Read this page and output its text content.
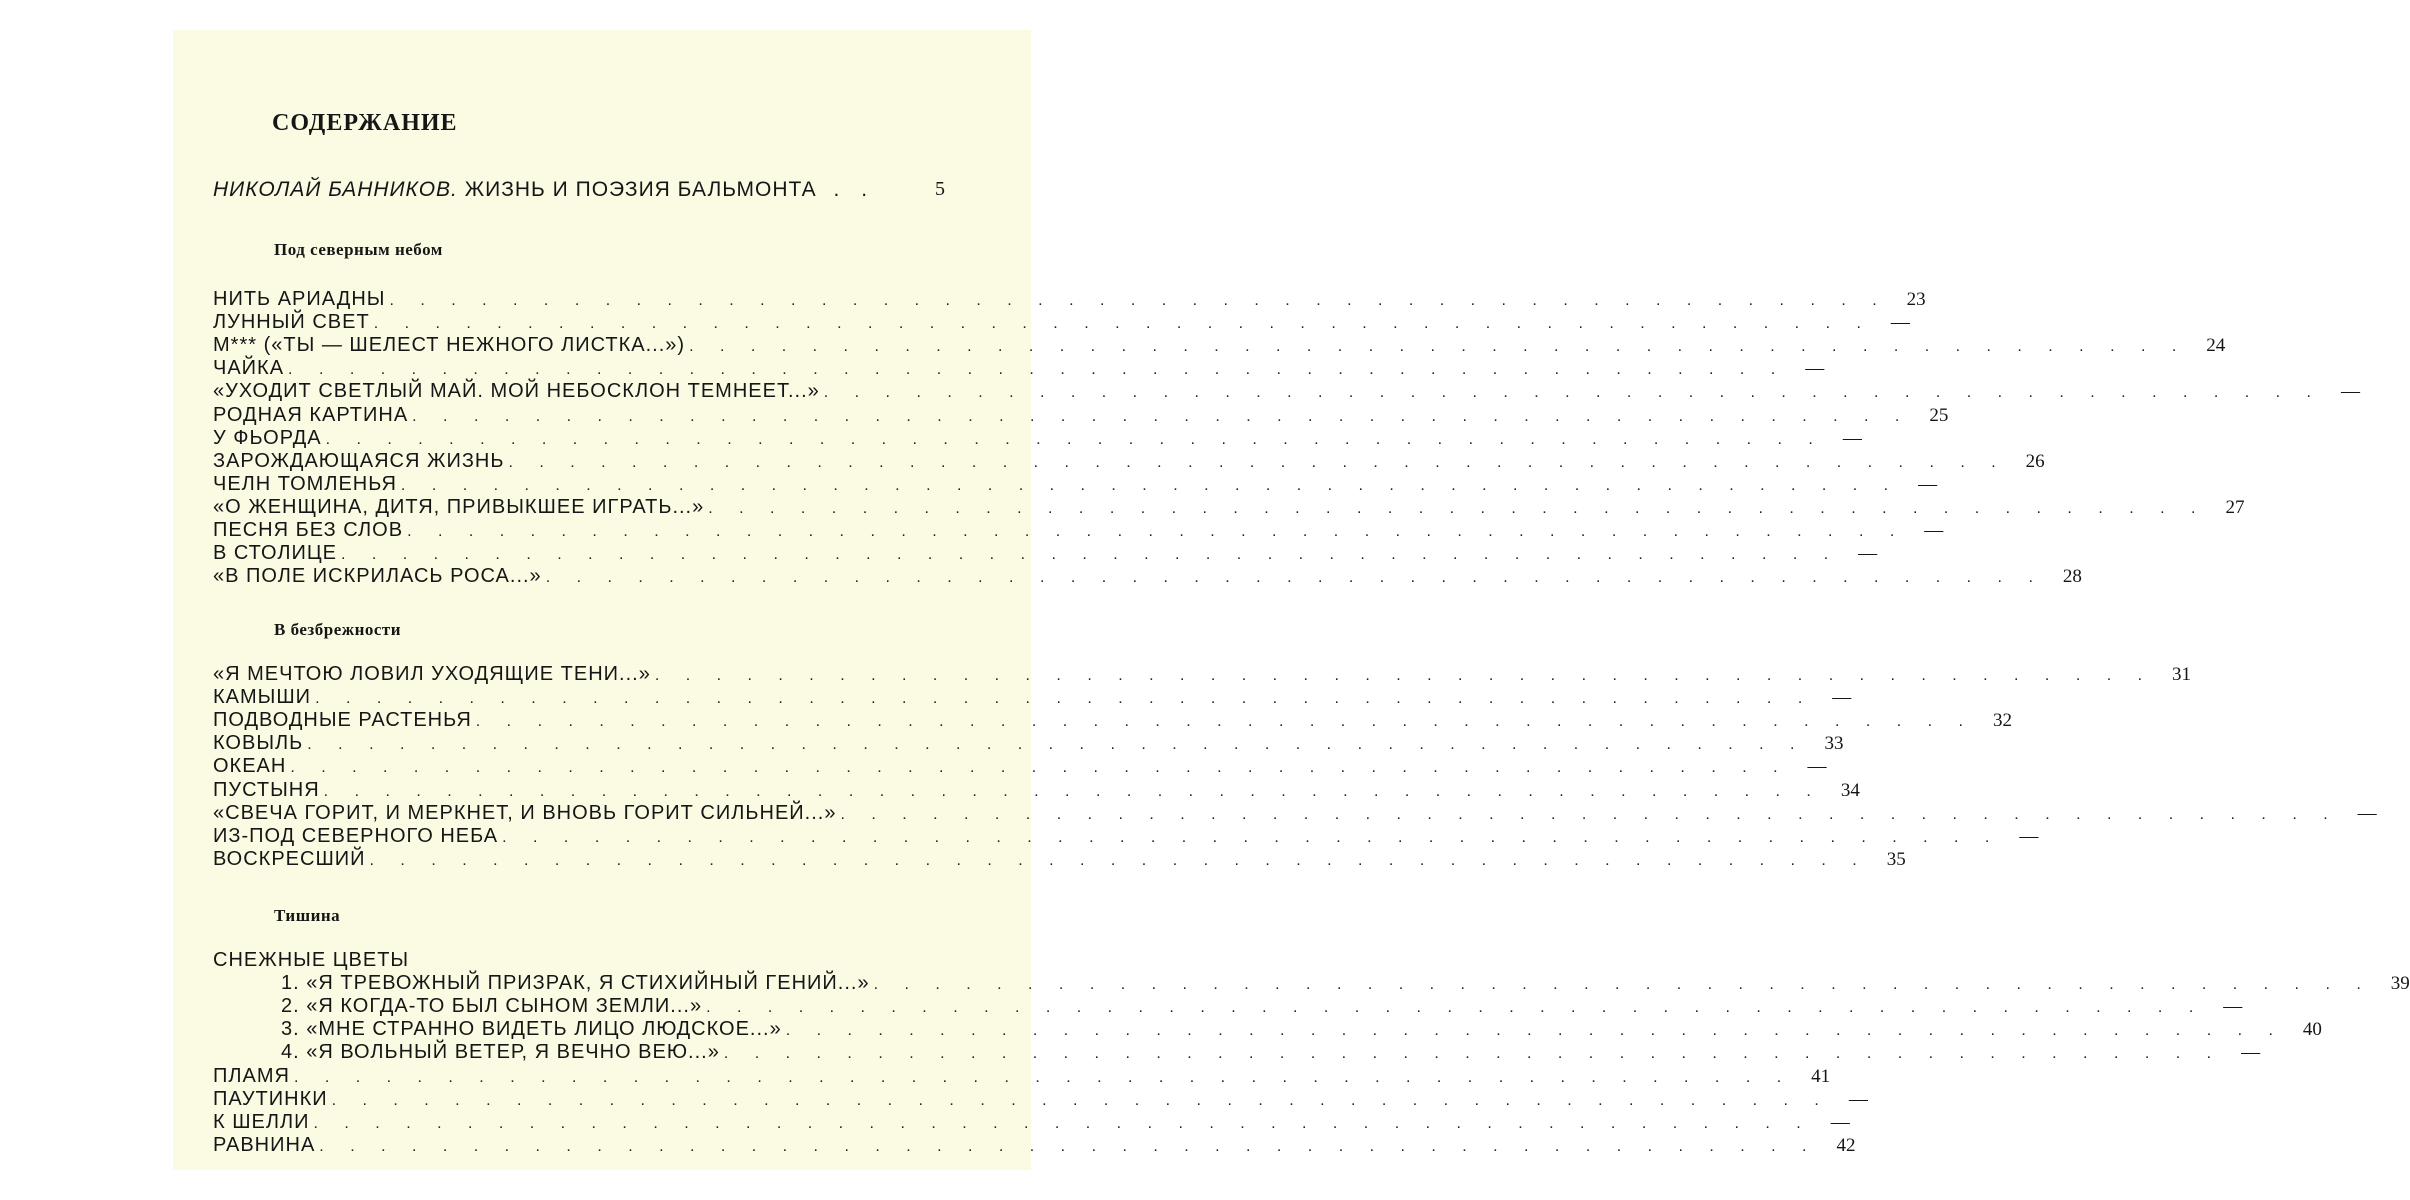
СОДЕРЖАНИЕ
НИКОЛАЙ БАННИКОВ. ЖИЗНЬ И ПОЭЗИЯ БАЛЬМОНТА . .	5
Под северным небом
НИТЬ АРИАДНЫ . . . . . . . . . . . . . . . . . . . . . . . . . . . . . . . . . . . . . . . . . . . . . . . . .	23
ЛУННЫЙ СВЕТ . . . . . . . . . . . . . . . . . . . . . . . . . . . . . . . . . . . . . . . . . . . . . . . . .	—
М*** («ТЫ — ШЕЛЕСТ НЕЖНОГО ЛИСТКА...») . . . . . . . . . . . . . . . . . . . . . . . . . . . . . . . . . . . . . . . . . . . . . . . . .	24
ЧАЙКА . . . . . . . . . . . . . . . . . . . . . . . . . . . . . . . . . . . . . . . . . . . . . . . . .	—
«УХОДИТ СВЕТЛЫЙ МАЙ. МОЙ НЕБОСКЛОН ТЕМНЕЕТ...» . . . . . . . . . . . . . . . . . . . . . . . . . . . . . . . . . . . . . . . . . . . . . . . . .	—
РОДНАЯ КАРТИНА . . . . . . . . . . . . . . . . . . . . . . . . . . . . . . . . . . . . . . . . . . . . . . . . .	25
У ФЬОРДА . . . . . . . . . . . . . . . . . . . . . . . . . . . . . . . . . . . . . . . . . . . . . . . . .	—
ЗАРОЖДАЮЩАЯСЯ ЖИЗНЬ . . . . . . . . . . . . . . . . . . . . . . . . . . . . . . . . . . . . . . . . . . . . . . . . .	26
ЧЕЛН ТОМЛЕНЬЯ . . . . . . . . . . . . . . . . . . . . . . . . . . . . . . . . . . . . . . . . . . . . . . . . .	—
«О ЖЕНЩИНА, ДИТЯ, ПРИВЫКШЕЕ ИГРАТЬ...» . . . . . . . . . . . . . . . . . . . . . . . . . . . . . . . . . . . . . . . . . . . . . . . . .	27
ПЕСНЯ БЕЗ СЛОВ . . . . . . . . . . . . . . . . . . . . . . . . . . . . . . . . . . . . . . . . . . . . . . . . .	—
В СТОЛИЦЕ . . . . . . . . . . . . . . . . . . . . . . . . . . . . . . . . . . . . . . . . . . . . . . . . .	—
«В ПОЛЕ ИСКРИЛАСЬ РОСА...» . . . . . . . . . . . . . . . . . . . . . . . . . . . . . . . . . . . . . . . . . . . . . . . . .	28
В безбрежности
«Я МЕЧТОЮ ЛОВИЛ УХОДЯЩИЕ ТЕНИ...» . . . . . . . . . . . . . . . . . . . . . . . . . . . . . . . . . . . . . . . . . . . . . . . . .	31
КАМЫШИ . . . . . . . . . . . . . . . . . . . . . . . . . . . . . . . . . . . . . . . . . . . . . . . . .	—
ПОДВОДНЫЕ РАСТЕНЬЯ . . . . . . . . . . . . . . . . . . . . . . . . . . . . . . . . . . . . . . . . . . . . . . . . .	32
КОВЫЛЬ . . . . . . . . . . . . . . . . . . . . . . . . . . . . . . . . . . . . . . . . . . . . . . . . .	33
ОКЕАН . . . . . . . . . . . . . . . . . . . . . . . . . . . . . . . . . . . . . . . . . . . . . . . . .	—
ПУСТЫНЯ . . . . . . . . . . . . . . . . . . . . . . . . . . . . . . . . . . . . . . . . . . . . . . . . .	34
«СВЕЧА ГОРИТ, И МЕРКНЕТ, И ВНОВЬ ГОРИТ СИЛЬНЕЙ...» . . . . . . . . . . . . . . . . . . . . . . . . . . . . . . . . . . . . . . . . . . . . . . . . .	—
ИЗ-ПОД СЕВЕРНОГО НЕБА . . . . . . . . . . . . . . . . . . . . . . . . . . . . . . . . . . . . . . . . . . . . . . . . .	—
ВОСКРЕСШИЙ . . . . . . . . . . . . . . . . . . . . . . . . . . . . . . . . . . . . . . . . . . . . . . . . .	35
Тишина
СНЕЖНЫЕ ЦВЕТЫ
1. «Я ТРЕВОЖНЫЙ ПРИЗРАК, Я СТИХИЙНЫЙ ГЕНИЙ...» . . . . . . . . . . . . . . . . . . . . . . . . . . . . . . . . . . . . . . . . . . . . . . . . .	39
2. «Я КОГДА-ТО БЫЛ СЫНОМ ЗЕМЛИ...» . . . . . . . . . . . . . . . . . . . . . . . . . . . . . . . . . . . . . . . . . . . . . . . . .	—
3. «МНЕ СТРАННО ВИДЕТЬ ЛИЦО ЛЮДСКОЕ...» . . . . . . . . . . . . . . . . . . . . . . . . . . . . . . . . . . . . . . . . . . . . . . . . .	40
4. «Я ВОЛЬНЫЙ ВЕТЕР, Я ВЕЧНО ВЕЮ...» . . . . . . . . . . . . . . . . . . . . . . . . . . . . . . . . . . . . . . . . . . . . . . . . .	—
ПЛАМЯ . . . . . . . . . . . . . . . . . . . . . . . . . . . . . . . . . . . . . . . . . . . . . . . . .	41
ПАУТИНКИ . . . . . . . . . . . . . . . . . . . . . . . . . . . . . . . . . . . . . . . . . . . . . . . . .	—
К ШЕЛЛИ . . . . . . . . . . . . . . . . . . . . . . . . . . . . . . . . . . . . . . . . . . . . . . . . .	—
РАВНИНА . . . . . . . . . . . . . . . . . . . . . . . . . . . . . . . . . . . . . . . . . . . . . . . . .	42
